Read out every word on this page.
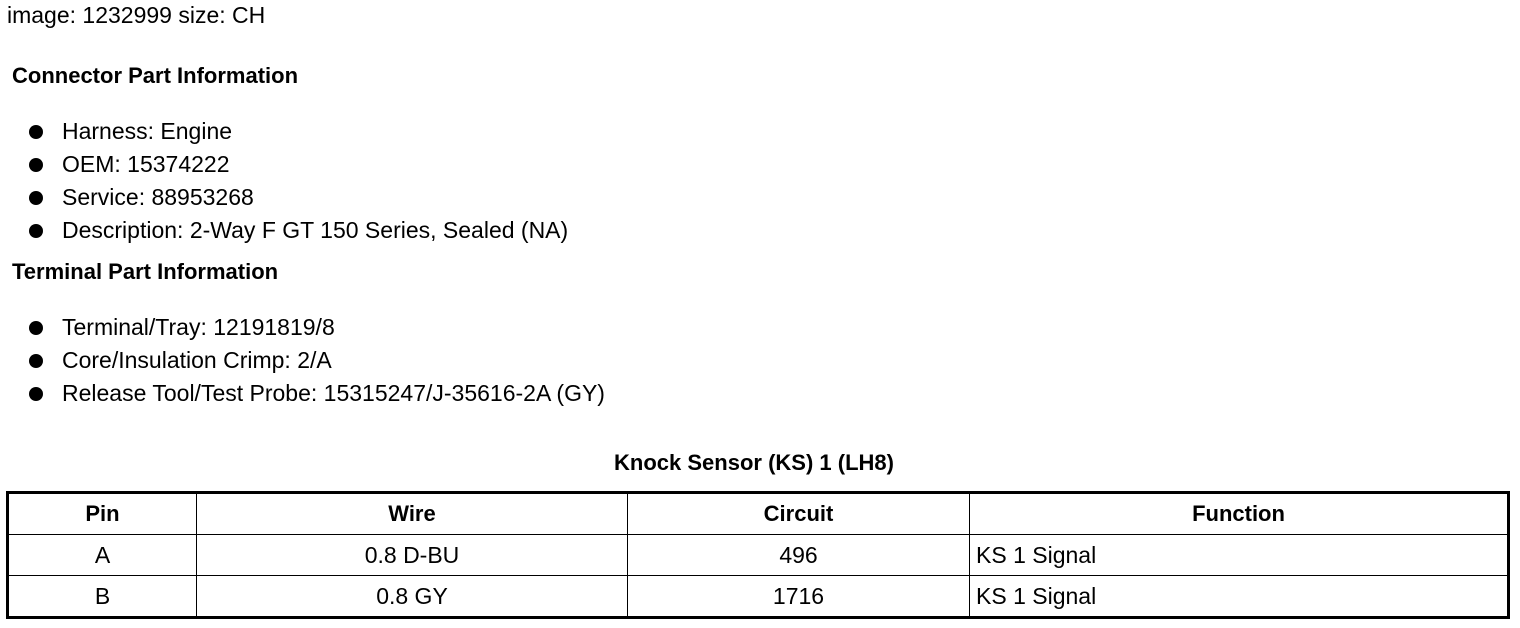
image: 1232999 size: CH
Connector Part Information
Harness: Engine
OEM: 15374222
Service: 88953268
Description: 2-Way F GT 150 Series, Sealed (NA)
Terminal Part Information
Terminal/Tray: 12191819/8
Core/Insulation Crimp: 2/A
Release Tool/Test Probe: 15315247/J-35616-2A (GY)
Knock Sensor (KS) 1 (LH8)
Pin	Wire	Circuit	Function
A	0.8 D-BU	496	KS 1 Signal
B	0.8 GY	1716	KS 1 Signal
